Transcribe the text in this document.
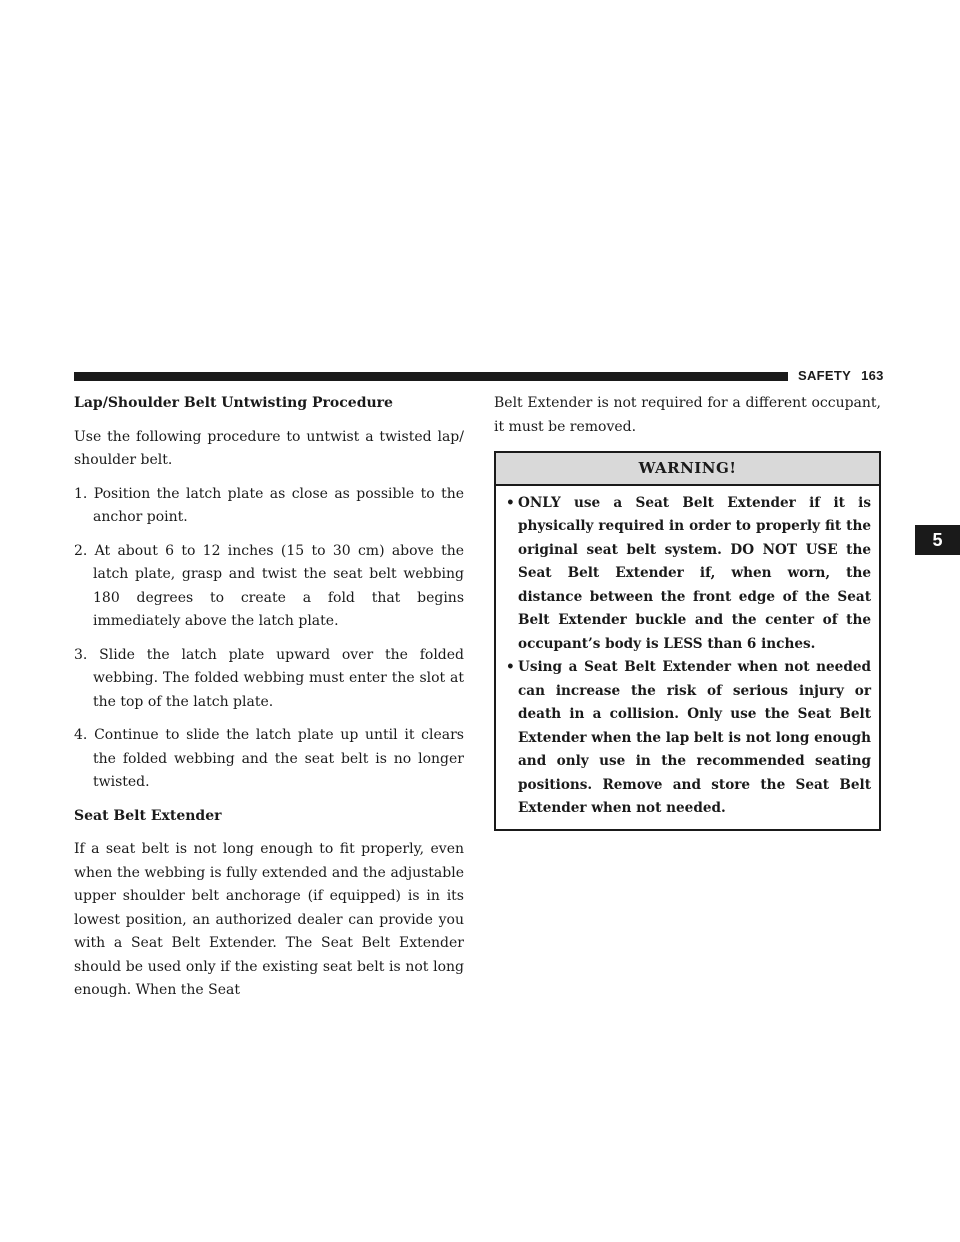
SAFETY 163
5
Lap/Shoulder Belt Untwisting Procedure

Use the following procedure to untwist a twisted lap/ shoulder belt.

1. Position the latch plate as close as possible to the anchor point.
2. At about 6 to 12 inches (15 to 30 cm) above the latch plate, grasp and twist the seat belt webbing 180 degrees to create a fold that begins immediately above the latch plate.
3. Slide the latch plate upward over the folded webbing. The folded webbing must enter the slot at the top of the latch plate.
4. Continue to slide the latch plate up until it clears the folded webbing and the seat belt is no longer twisted.
Seat Belt Extender

If a seat belt is not long enough to fit properly, even when the webbing is fully extended and the adjustable upper shoulder belt anchorage (if equipped) is in its lowest position, an authorized dealer can provide you with a Seat Belt Extender. The Seat Belt Extender should be used only if the existing seat belt is not long enough. When the Seat

Belt Extender is not required for a different occupant, it must be removed.

WARNING!
• ONLY use a Seat Belt Extender if it is physically required in order to properly fit the original seat belt system. DO NOT USE the Seat Belt Extender if, when worn, the distance between the front edge of the Seat Belt Extender buckle and the center of the occupant’s body is LESS than 6 inches.
• Using a Seat Belt Extender when not needed can increase the risk of serious injury or death in a collision. Only use the Seat Belt Extender when the lap belt is not long enough and only use in the recommended seating positions. Remove and store the Seat Belt Extender when not needed.
